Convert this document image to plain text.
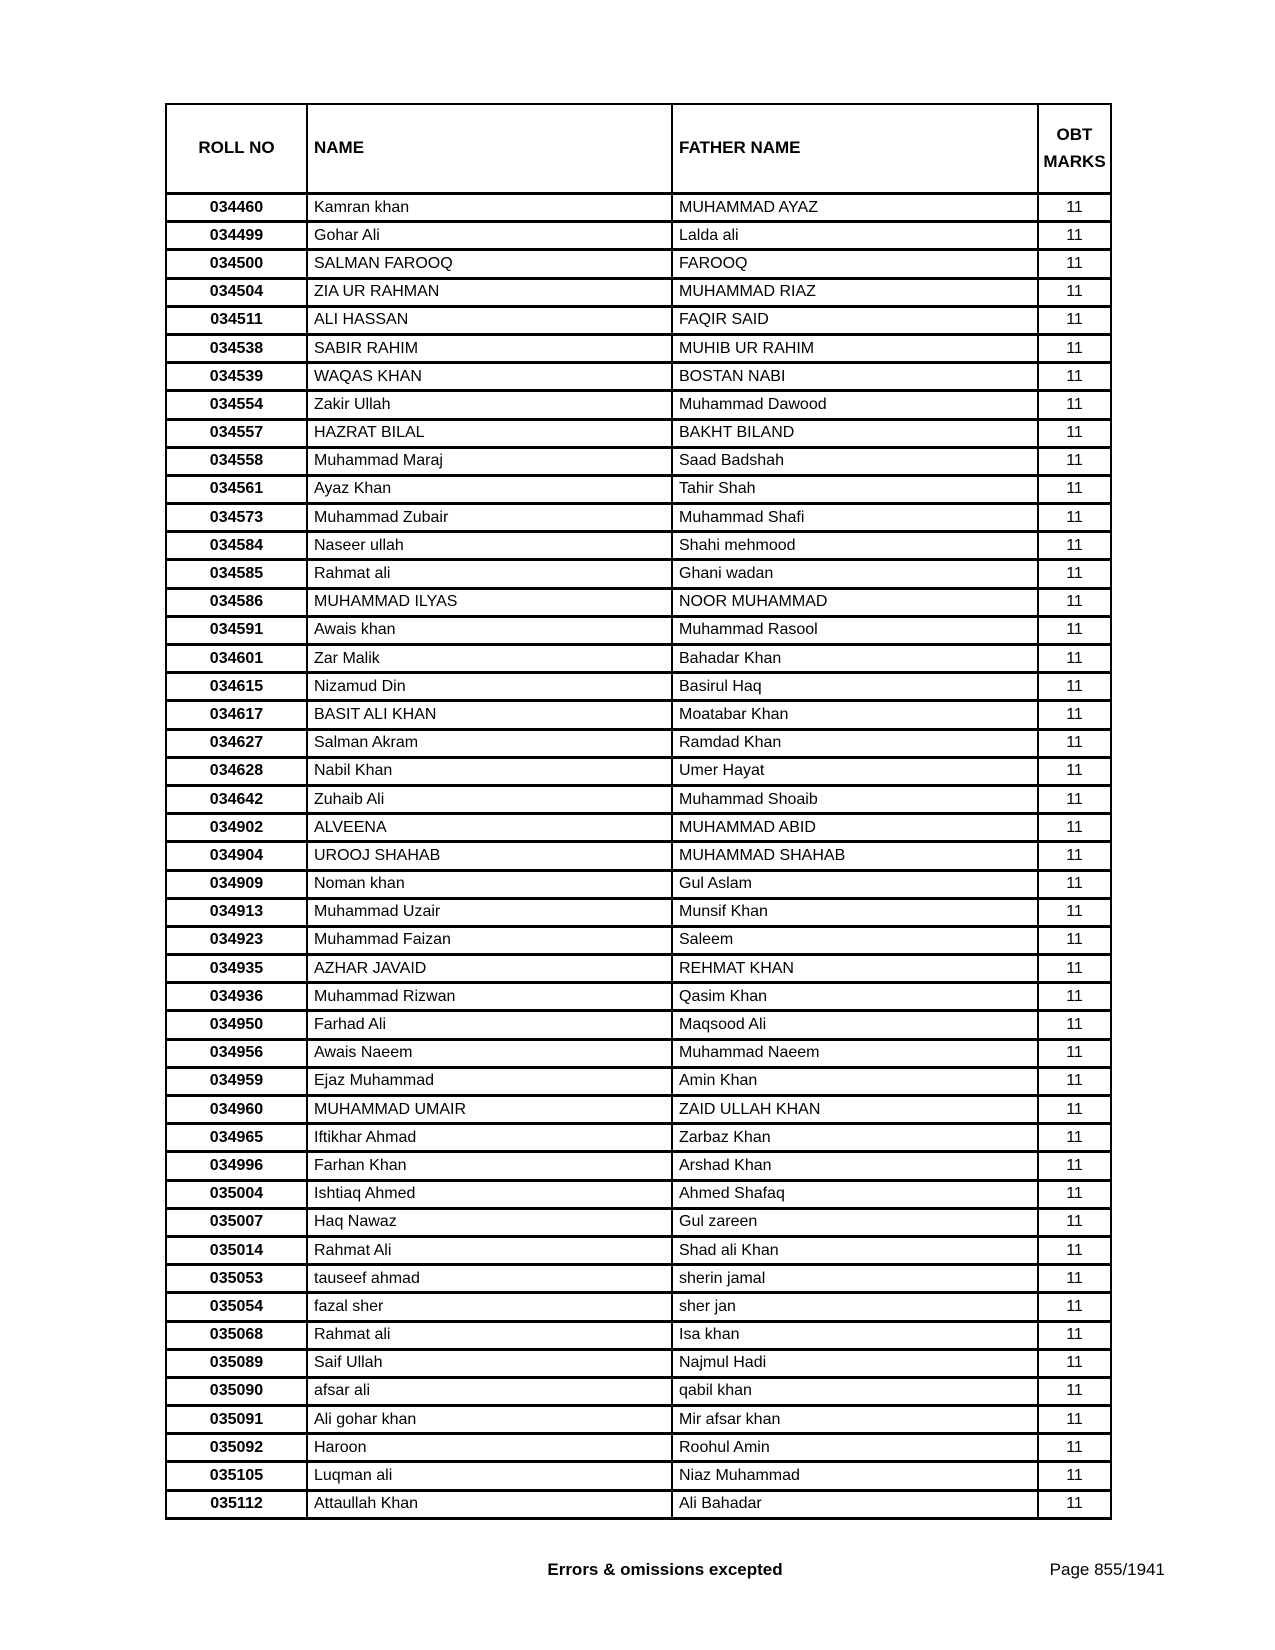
ROLL NO	NAME	FATHER NAME	OBT MARKS
034460	Kamran khan	MUHAMMAD AYAZ	11
034499	Gohar Ali	Lalda ali	11
034500	SALMAN FAROOQ	FAROOQ	11
034504	ZIA UR RAHMAN	MUHAMMAD RIAZ	11
034511	ALI HASSAN	FAQIR SAID	11
034538	SABIR RAHIM	MUHIB UR RAHIM	11
034539	WAQAS KHAN	BOSTAN NABI	11
034554	Zakir Ullah	Muhammad Dawood	11
034557	HAZRAT BILAL	BAKHT BILAND	11
034558	Muhammad Maraj	Saad Badshah	11
034561	Ayaz Khan	Tahir Shah	11
034573	Muhammad Zubair	Muhammad Shafi	11
034584	Naseer ullah	Shahi mehmood	11
034585	Rahmat ali	Ghani wadan	11
034586	MUHAMMAD ILYAS	NOOR MUHAMMAD	11
034591	Awais khan	Muhammad Rasool	11
034601	Zar Malik	Bahadar Khan	11
034615	Nizamud Din	Basirul Haq	11
034617	BASIT ALI KHAN	Moatabar Khan	11
034627	Salman Akram	Ramdad Khan	11
034628	Nabil Khan	Umer Hayat	11
034642	Zuhaib Ali	Muhammad Shoaib	11
034902	ALVEENA	MUHAMMAD ABID	11
034904	UROOJ SHAHAB	MUHAMMAD SHAHAB	11
034909	Noman khan	Gul Aslam	11
034913	Muhammad Uzair	Munsif Khan	11
034923	Muhammad Faizan	Saleem	11
034935	AZHAR JAVAID	REHMAT KHAN	11
034936	Muhammad Rizwan	Qasim Khan	11
034950	Farhad Ali	Maqsood Ali	11
034956	Awais Naeem	Muhammad Naeem	11
034959	Ejaz Muhammad	Amin Khan	11
034960	MUHAMMAD UMAIR	ZAID ULLAH KHAN	11
034965	Iftikhar Ahmad	Zarbaz Khan	11
034996	Farhan Khan	Arshad Khan	11
035004	Ishtiaq Ahmed	Ahmed Shafaq	11
035007	Haq Nawaz	Gul zareen	11
035014	Rahmat Ali	Shad ali Khan	11
035053	tauseef ahmad	sherin jamal	11
035054	fazal sher	sher jan	11
035068	Rahmat ali	Isa khan	11
035089	Saif Ullah	Najmul Hadi	11
035090	afsar ali	qabil khan	11
035091	Ali gohar khan	Mir afsar khan	11
035092	Haroon	Roohul Amin	11
035105	Luqman ali	Niaz Muhammad	11
035112	Attaullah Khan	Ali Bahadar	11
Errors & omissions excepted	Page 855/1941
